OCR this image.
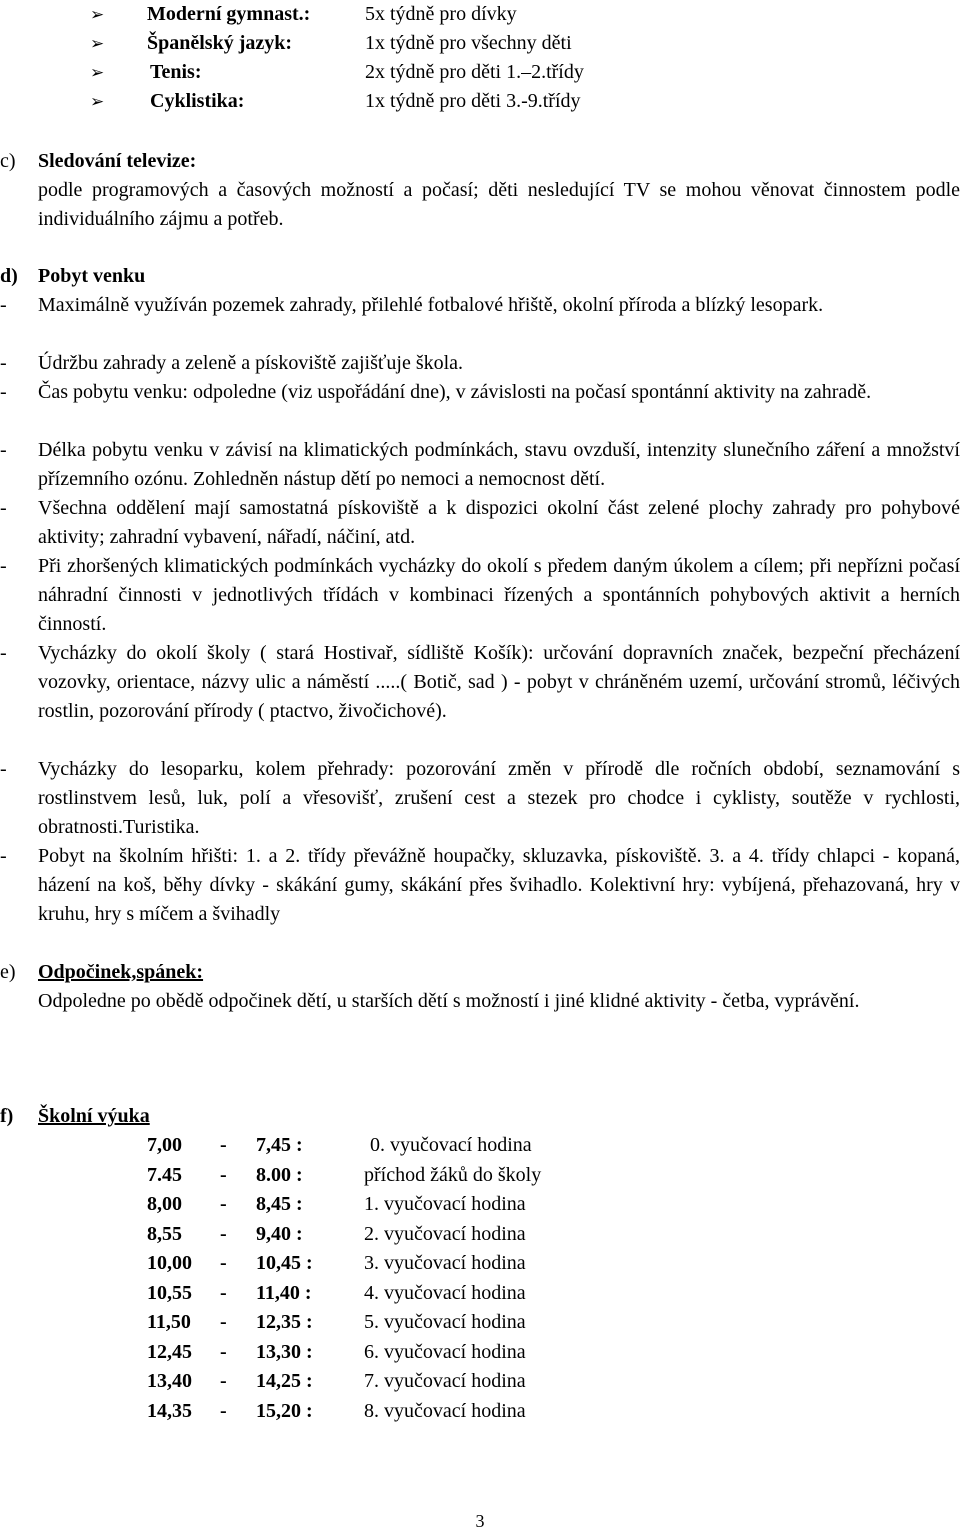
➢ Moderní gymnast.:	5x týdně pro dívky
➢ Španělský jazyk:	1x týdně pro všechny děti
➢ Tenis:	2x týdně pro děti 1.–2.třídy
➢ Cyklistika:	1x týdně pro děti 3.-9.třídy
c) Sledování televize:
podle programových a časových možností a počasí; děti nesledující TV se mohou věnovat činnostem podle individuálního zájmu a potřeb.
d) Pobyt venku
- Maximálně využíván pozemek zahrady, přilehlé fotbalové hřiště, okolní příroda a blízký lesopark.
- Údržbu zahrady a zeleně a pískoviště zajišťuje škola.
- Čas pobytu venku: odpoledne (viz uspořádání dne), v závislosti na počasí spontánní aktivity na zahradě.
- Délka pobytu venku v závisí na klimatických podmínkách, stavu ovzduší, intenzity slunečního záření a množství přízemního ozónu. Zohledněn nástup dětí po nemoci a nemocnost dětí.
- Všechna oddělení mají samostatná pískoviště a k dispozici okolní část zelené plochy zahrady pro pohybové aktivity; zahradní vybavení, nářadí, náčiní, atd.
- Při zhoršených klimatických podmínkách vycházky do okolí s předem daným úkolem a cílem; při nepřízni počasí náhradní činnosti v jednotlivých třídách v kombinaci řízených a spontánních pohybových aktivit a herních činností.
- Vycházky do okolí školy ( stará Hostivař, sídliště Košík): určování dopravních značek, bezpeční přecházení vozovky, orientace, názvy ulic a náměstí .....( Botič, sad ) - pobyt v chráněném uzemí, určování stromů, léčivých rostlin, pozorování přírody ( ptactvo, živočichové).
- Vycházky do lesoparku, kolem přehrady: pozorování změn v přírodě dle ročních období, seznamování s rostlinstvem lesů, luk, polí a vřesovišť, zrušení cest a stezek pro chodce i cyklisty, soutěže v rychlosti, obratnosti.Turistika.
- Pobyt na školním hřišti: 1. a 2. třídy převážně houpačky, skluzavka, pískoviště. 3. a 4. třídy chlapci - kopaná, házení na koš, běhy dívky - skákání gumy, skákání přes švihadlo. Kolektivní hry: vybíjená, přehazovaná, hry v kruhu, hry s míčem a švihadly
e) Odpočinek,spánek:
Odpoledne po obědě odpočinek dětí, u starších dětí s možností i jiné klidné aktivity - četba, vyprávění.
f) Školní výuka
7,00 - 7,45 :	0. vyučovací hodina
7.45 - 8.00 :	příchod žáků do školy
8,00 - 8,45 :	1. vyučovací hodina
8,55 - 9,40 :	2. vyučovací hodina
10,00 - 10,45 :	3. vyučovací hodina
10,55 - 11,40 :	4. vyučovací hodina
11,50 - 12,35 :	5. vyučovací hodina
12,45 - 13,30 :	6. vyučovací hodina
13,40 - 14,25 :	7. vyučovací hodina
14,35 - 15,20 :	8. vyučovací hodina
3
